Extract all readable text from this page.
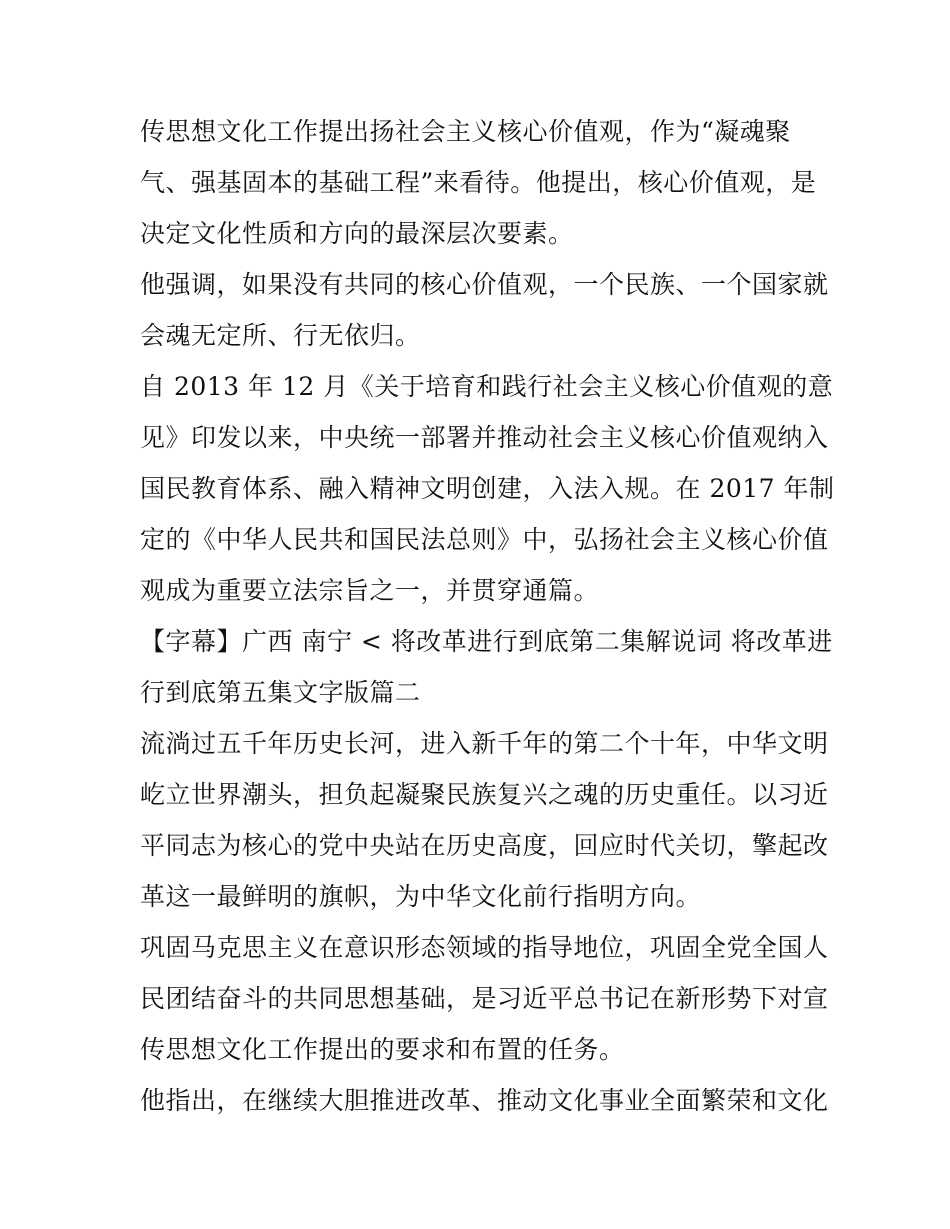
传思想文化工作提出扬社会主义核心价值观，作为“凝魂聚
气、强基固本的基础工程”来看待。他提出，核心价值观，是
决定文化性质和方向的最深层次要素。

他强调，如果没有共同的核心价值观，一个民族、一个国家就
会魂无定所、行无依归。

自 2013 年 12 月《关于培育和践行社会主义核心价值观的意
见》印发以来，中央统一部署并推动社会主义核心价值观纳入
国民教育体系、融入精神文明创建，入法入规。在 2017 年制
定的《中华人民共和国民法总则》中，弘扬社会主义核心价值
观成为重要立法宗旨之一，并贯穿通篇。

【字幕】广西 南宁 < 将改革进行到底第二集解说词 将改革进
行到底第五集文字版篇二

流淌过五千年历史长河，进入新千年的第二个十年，中华文明
屹立世界潮头，担负起凝聚民族复兴之魂的历史重任。以习近
平同志为核心的党中央站在历史高度，回应时代关切，擎起改
革这一最鲜明的旗帜，为中华文化前行指明方向。

巩固马克思主义在意识形态领域的指导地位，巩固全党全国人
民团结奋斗的共同思想基础，是习近平总书记在新形势下对宣
传思想文化工作提出的要求和布置的任务。

他指出，在继续大胆推进改革、推动文化事业全面繁荣和文化
